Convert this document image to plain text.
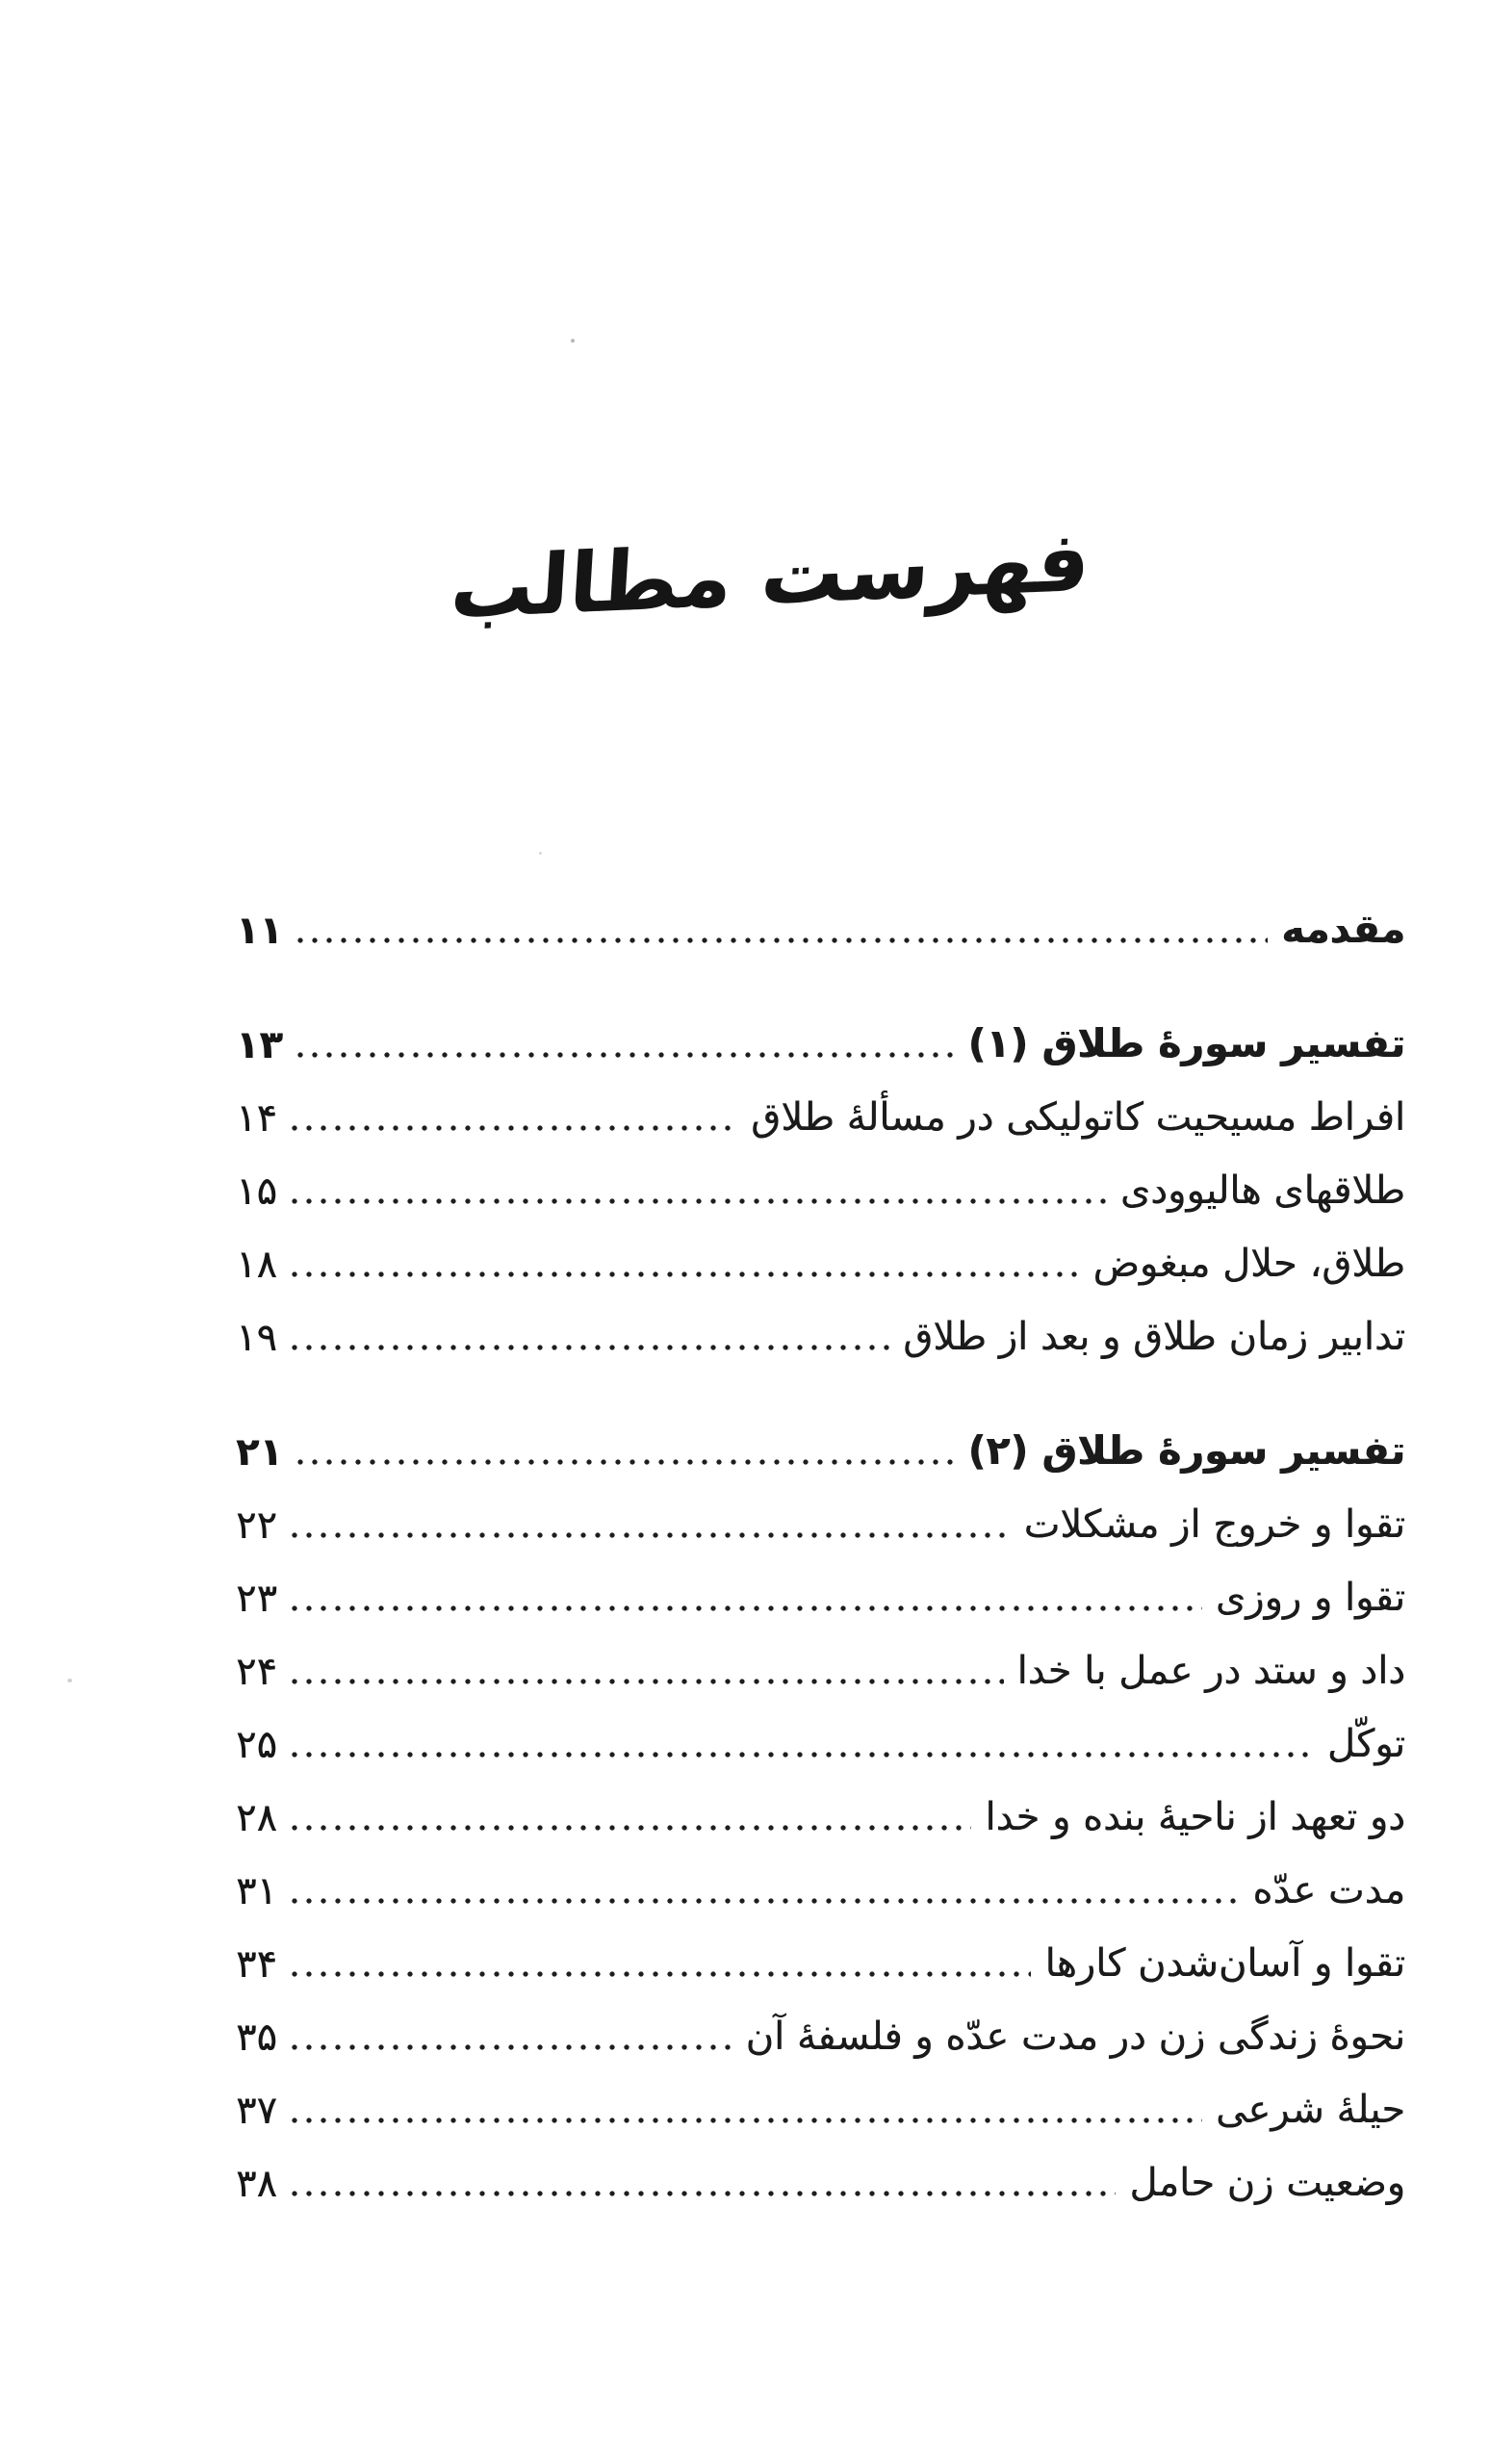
فهرست مطالب
مقدمه
۱۱
تفسیر سورهٔ طلاق (۱)
۱۳
افراط مسیحیت کاتولیکی در مسألهٔ طلاق
۱۴
طلاقهای هالیوودی
۱۵
طلاق، حلال مبغوض
۱۸
تدابیر زمان طلاق و بعد از طلاق
۱۹
تفسیر سورهٔ طلاق (۲)
۲۱
تقوا و خروج از مشکلات
۲۲
تقوا و روزی
۲۳
داد و ستد در عمل با خدا
۲۴
توکّل
۲۵
دو تعهد از ناحیهٔ بنده و خدا
۲۸
مدت عدّه
۳۱
تقوا و آسان‌شدن کارها
۳۴
نحوهٔ زندگی زن در مدت عدّه و فلسفهٔ آن
۳۵
حیلهٔ شرعی
۳۷
وضعیت زن حامل
۳۸
